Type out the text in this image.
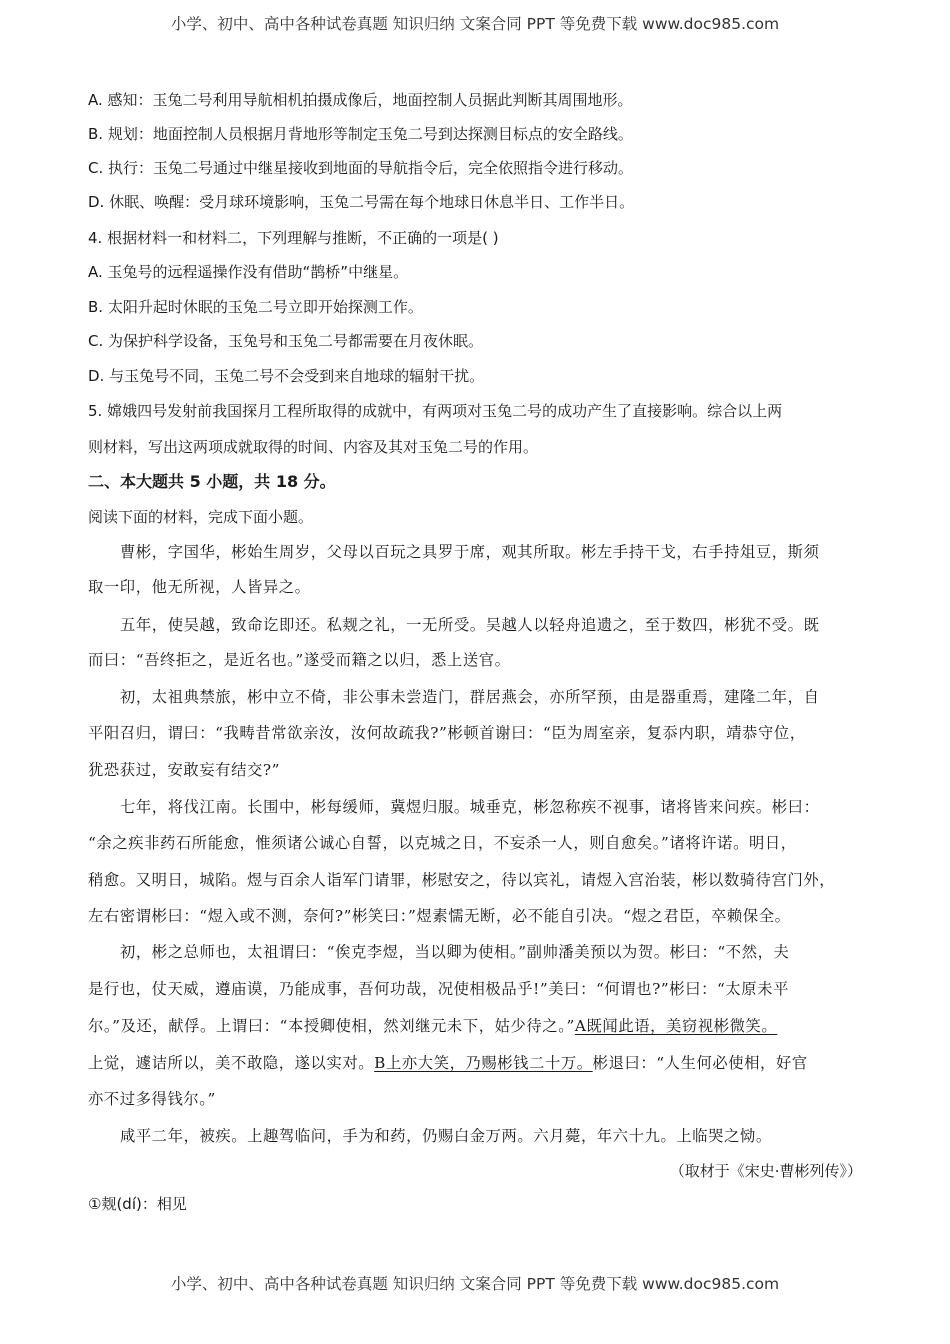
小学、初中、高中各种试卷真题 知识归纳 文案合同 PPT 等免费下载 www.doc985.com
A. 感知：玉兔二号利用导航相机拍摄成像后，地面控制人员据此判断其周围地形。
B. 规划：地面控制人员根据月背地形等制定玉兔二号到达探测目标点的安全路线。
C. 执行：玉兔二号通过中继星接收到地面的导航指令后，完全依照指令进行移动。
D. 休眠、唤醒：受月球环境影响，玉兔二号需在每个地球日休息半日、工作半日。
4. 根据材料一和材料二，下列理解与推断，不正确的一项是( )
A. 玉兔号的远程遥操作没有借助“鹊桥”中继星。
B. 太阳升起时休眠的玉兔二号立即开始探测工作。
C. 为保护科学设备，玉兔号和玉兔二号都需要在月夜休眠。
D. 与玉兔号不同，玉兔二号不会受到来自地球的辐射干扰。
5. 嫦娥四号发射前我国探月工程所取得的成就中，有两项对玉兔二号的成功产生了直接影响。综合以上两
则材料，写出这两项成就取得的时间、内容及其对玉兔二号的作用。
二、本大题共 5 小题，共 18 分。
阅读下面的材料，完成下面小题。
曹彬，字国华，彬始生周岁，父母以百玩之具罗于席，观其所取。彬左手持干戈，右手持俎豆，斯须
取一印，他无所视，人皆异之。
五年，使吴越，致命讫即还。私觌之礼，一无所受。吴越人以轻舟追遗之，至于数四，彬犹不受。既
而曰：“吾终拒之，是近名也。”遂受而籍之以归，悉上送官。
初，太祖典禁旅，彬中立不倚，非公事未尝造门，群居燕会，亦所罕预，由是器重焉，建隆二年，自
平阳召归，谓曰：“我畴昔常欲亲汝，汝何故疏我?”彬顿首谢曰：“臣为周室亲，复忝内职，靖恭守位，
犹恐获过，安敢妄有结交?”
七年，将伐江南。长围中，彬每缓师，冀煜归服。城垂克，彬忽称疾不视事，诸将皆来问疾。彬曰：
“余之疾非药石所能愈，惟须诸公诚心自誓，以克城之日，不妄杀一人，则自愈矣。”诸将许诺。明日，
稍愈。又明日，城陷。煜与百余人诣军门请罪，彬慰安之，待以宾礼，请煜入宫治装，彬以数骑待宫门外，
左右密谓彬曰：“煜入或不测，奈何?”彬笑曰：”煜素懦无断，必不能自引决。“煜之君臣，卒赖保全。
初，彬之总师也，太祖谓曰：“俟克李煜，当以卿为使相。”副帅潘美预以为贺。彬曰：“不然，夫
是行也，仗天威，遵庙谟，乃能成事，吾何功哉，况使相极品乎!”美曰：“何谓也?”彬曰：“太原未平
尔。”及还，献俘。上谓曰：“本授卿使相，然刘继元未下，姑少待之。”A既闻此语，美窃视彬微笑。
上觉，遽诘所以，美不敢隐，遂以实对。B上亦大笑，乃赐彬钱二十万。彬退曰：“人生何必使相，好官
亦不过多得钱尔。”
咸平二年，被疾。上趣驾临问，手为和药，仍赐白金万两。六月薨，年六十九。上临哭之恸。
（取材于《宋史·曹彬列传》）
①觌(dí)：相见
小学、初中、高中各种试卷真题 知识归纳 文案合同 PPT 等免费下载 www.doc985.com
